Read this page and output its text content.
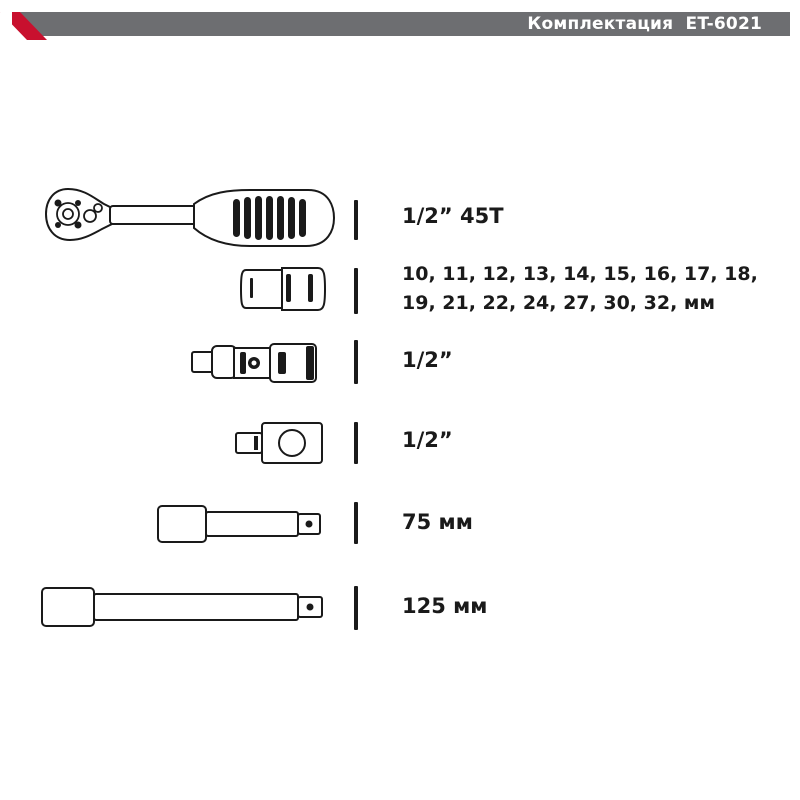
Комплектация  ET-6021
1/2” 45T
10, 11, 12, 13, 14, 15, 16, 17, 18,
19, 21, 22, 24, 27, 30, 32, мм
1/2”
1/2”
75 мм
125 мм
